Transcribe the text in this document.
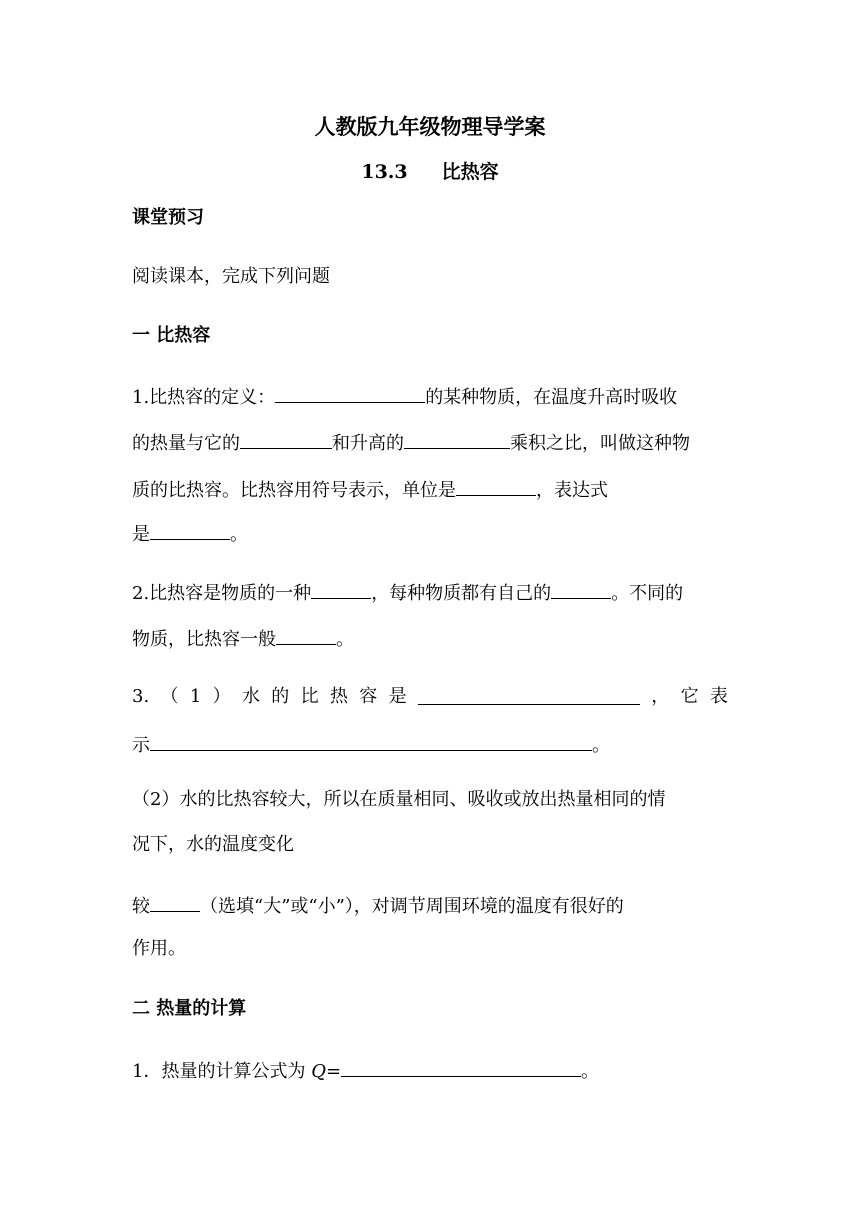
人教版九年级物理导学案
13.3 比热容
课堂预习
阅读课本，完成下列问题
一 比热容
1.比热容的定义：	的某种物质，在温度升高时吸收
的热量与它的	和升高的	乘积之比，叫做这种物
质的比热容。比热容用符号表示，单位是	，表达式
是	。
2.比热容是物质的一种	，每种物质都有自己的	。不同的
物质，比热容一般	。
3. （ 1 ） 水 的 比 热 容 是	， 它 表
示	。
（2）水的比热容较大，所以在质量相同、吸收或放出热量相同的情
况下，水的温度变化
较	（选填“大”或“小”），对调节周围环境的温度有很好的
作用。
二 热量的计算
1．热量的计算公式为 Q=	。
